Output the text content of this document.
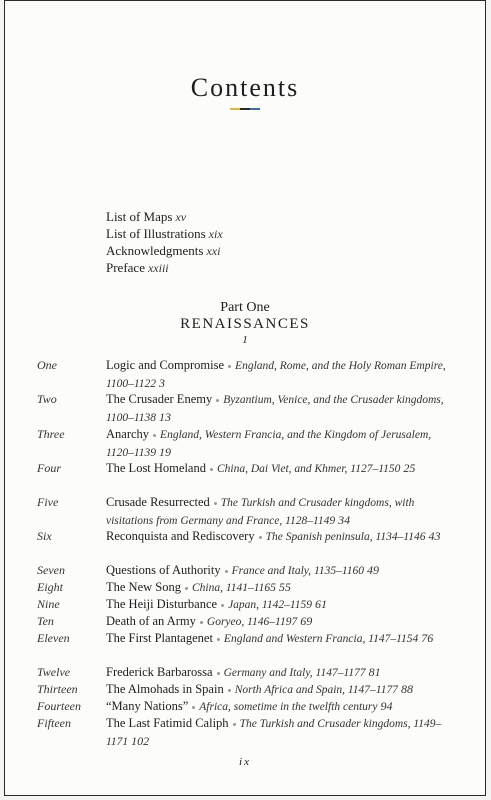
Contents
List of Maps xv
List of Illustrations xix
Acknowledgments xxi
Preface xxiii
Part One
RENAISSANCES
1
One	Logic and Compromise England, Rome, and the Holy Roman Empire, 1100–1122 3
Two	The Crusader Enemy Byzantium, Venice, and the Crusader kingdoms, 1100–1138 13
Three	Anarchy England, Western Francia, and the Kingdom of Jerusalem, 1120–1139 19
Four	The Lost Homeland China, Dai Viet, and Khmer, 1127–1150 25
Five	Crusade Resurrected The Turkish and Crusader kingdoms, with visitations from Germany and France, 1128–1149 34
Six	Reconquista and Rediscovery The Spanish peninsula, 1134–1146 43
Seven	Questions of Authority France and Italy, 1135–1160 49
Eight	The New Song China, 1141–1165 55
Nine	The Heiji Disturbance Japan, 1142–1159 61
Ten	Death of an Army Goryeo, 1146–1197 69
Eleven	The First Plantagenet England and Western Francia, 1147–1154 76
Twelve	Frederick Barbarossa Germany and Italy, 1147–1177 81
Thirteen The Almohads in Spain North Africa and Spain, 1147–1177 88
Fourteen “Many Nations” Africa, sometime in the twelfth century 94
Fifteen	The Last Fatimid Caliph The Turkish and Crusader kingdoms, 1149–1171 102
ix
